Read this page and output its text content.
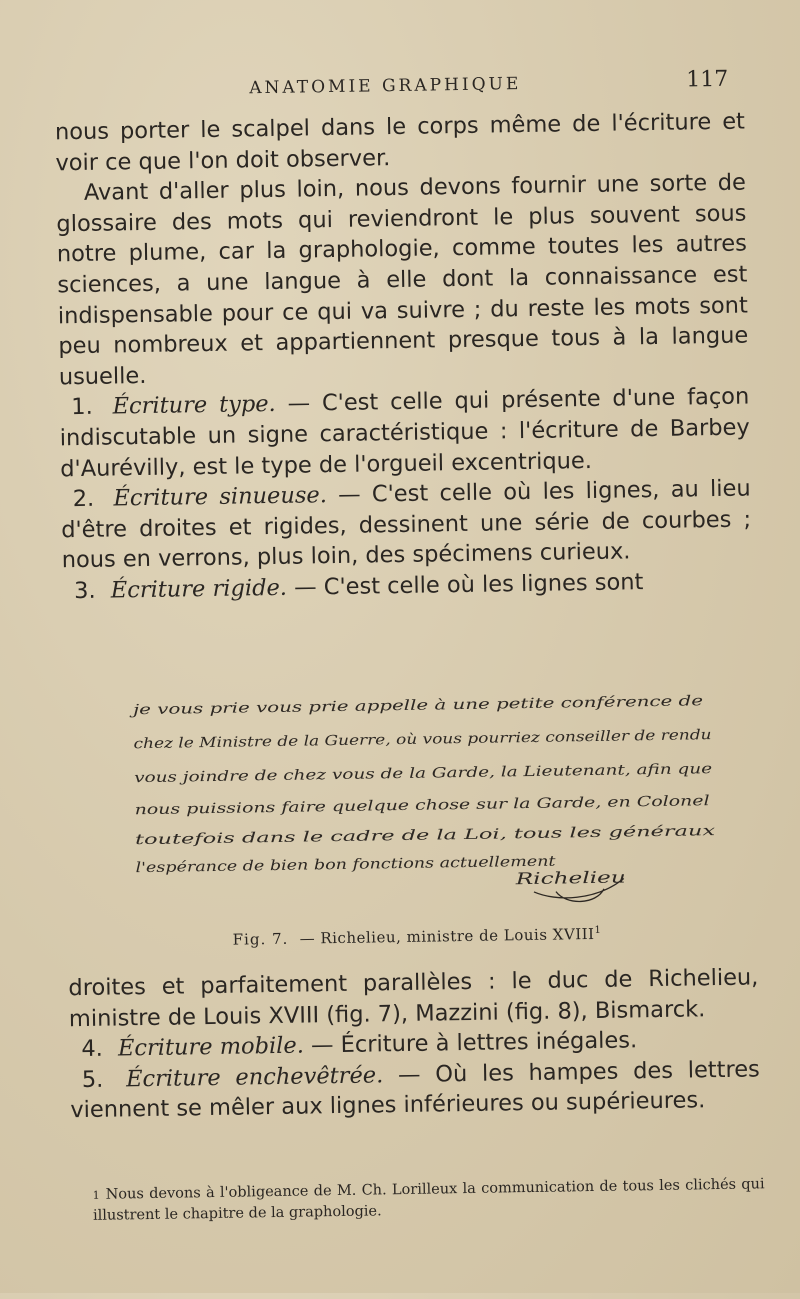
ANATOMIE GRAPHIQUE	117

nous porter le scalpel dans le corps même de l'écriture et voir ce que l'on doit observer.

Avant d'aller plus loin, nous devons fournir une sorte de glossaire des mots qui reviendront le plus souvent sous notre plume, car la graphologie, comme toutes les autres sciences, a une langue à elle dont la connaissance est indispensable pour ce qui va suivre ; du reste les mots sont peu nombreux et appartiennent presque tous à la langue usuelle.

1. Écriture type. — C'est celle qui présente d'une façon indiscutable un signe caractéristique : l'écriture de Barbey d'Aurévilly, est le type de l'orgueil excentrique.

2. Écriture sinueuse. — C'est celle où les lignes, au lieu d'être droites et rigides, dessinent une série de courbes ; nous en verrons, plus loin, des spécimens curieux.

3. Écriture rigide. — C'est celle où les lignes sont

je vous prie vous prie appelle à une petite conférence de
chez le Ministre de la Guerre, où vous pourriez conseiller de rendu
vous joindre de chez vous de la Garde, la Lieutenant, afin que
nous puissions faire quelque chose sur la Garde, en Colonel
toutefois dans le cadre de la Loi, tous les généraux
l'espérance de bien bon fonctions actuellement
Richelieu
Fig. 7. — Richelieu, ministre de Louis XVIII$^1$

droites et parfaitement parallèles : le duc de Richelieu, ministre de Louis XVIII (fig. 7), Mazzini (fig. 8), Bismarck.

4. Écriture mobile. — Écriture à lettres inégales.

5. Écriture enchevêtrée. — Où les hampes des lettres viennent se mêler aux lignes inférieures ou supérieures.

1 Nous devons à l'obligeance de M. Ch. Lorilleux la communication de tous les clichés qui illustrent le chapitre de la graphologie.
